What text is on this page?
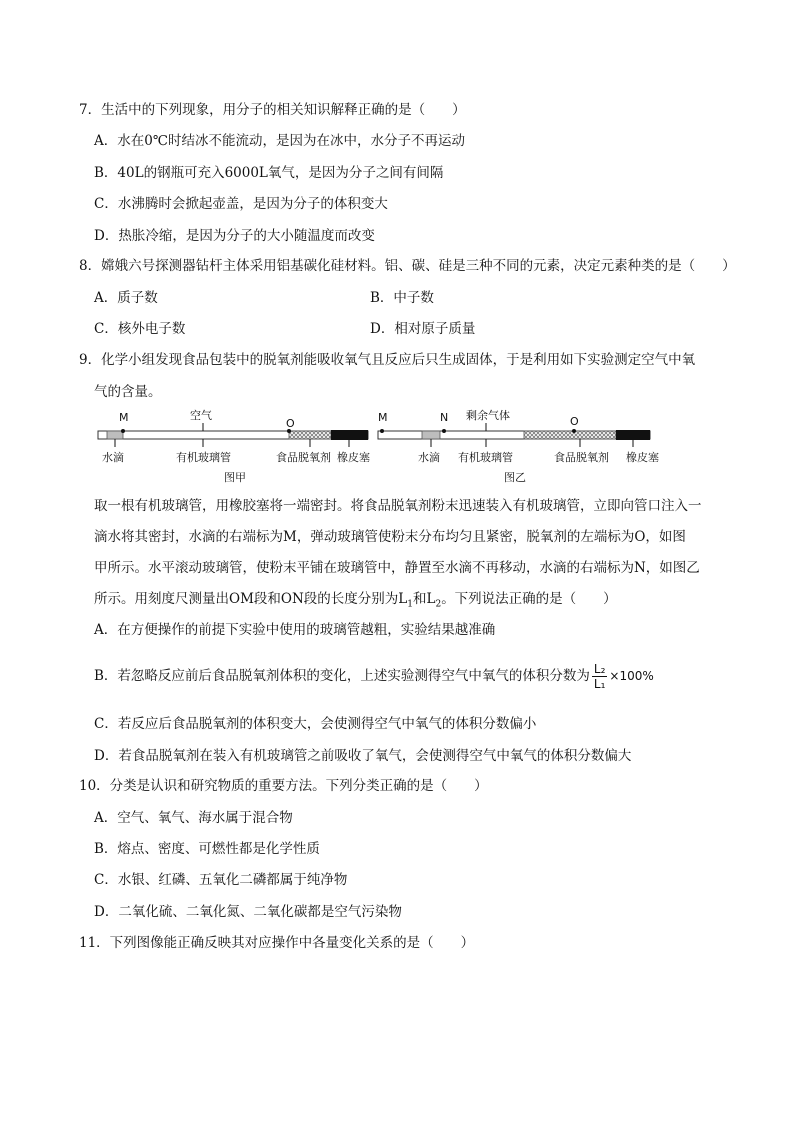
7．生活中的下列现象，用分子的相关知识解释正确的是（　　）
A．水在0℃时结冰不能流动，是因为在冰中，水分子不再运动
B．40L的钢瓶可充入6000L氧气，是因为分子之间有间隔
C．水沸腾时会掀起壶盖，是因为分子的体积变大
D．热胀冷缩，是因为分子的大小随温度而改变
8．嫦娥六号探测器钻杆主体采用铝基碳化硅材料。铝、碳、硅是三种不同的元素，决定元素种类的是（　　）
A．质子数	B．中子数
C．核外电子数	D．相对原子质量
9．化学小组发现食品包装中的脱氧剂能吸收氧气且反应后只生成固体，于是利用如下实验测定空气中氧
气的含量。
M	空气
O
水滴	有机玻璃管	食品脱氧剂 橡皮塞
图甲
M	N 剩余气体	O
水滴 有机玻璃管	食品脱氧剂 橡皮塞
图乙
取一根有机玻璃管，用橡胶塞将一端密封。将食品脱氧剂粉末迅速装入有机玻璃管，立即向管口注入一
滴水将其密封，水滴的右端标为M，弹动玻璃管使粉末分布均匀且紧密，脱氧剂的左端标为O，如图
甲所示。水平滚动玻璃管，使粉末平铺在玻璃管中，静置至水滴不再移动，水滴的右端标为N，如图乙
所示。用刻度尺测量出OM段和ON段的长度分别为$L_1$和$L_2$。下列说法正确的是（　　）
A．在方便操作的前提下实验中使用的玻璃管越粗，实验结果越准确
B．若忽略反应前后食品脱氧剂体积的变化，上述实验测得空气中氧气的体积分数为 $\frac{\text{L₂}}{\text{L₁}} \times 100\%$
C．若反应后食品脱氧剂的体积变大，会使测得空气中氧气的体积分数偏小
D．若食品脱氧剂在装入有机玻璃管之前吸收了氧气，会使测得空气中氧气的体积分数偏大
10．分类是认识和研究物质的重要方法。下列分类正确的是（　　）
A．空气、氧气、海水属于混合物
B．熔点、密度、可燃性都是化学性质
C．水银、红磷、五氧化二磷都属于纯净物
D．二氧化硫、二氧化氮、二氧化碳都是空气污染物
11．下列图像能正确反映其对应操作中各量变化关系的是（　　）
